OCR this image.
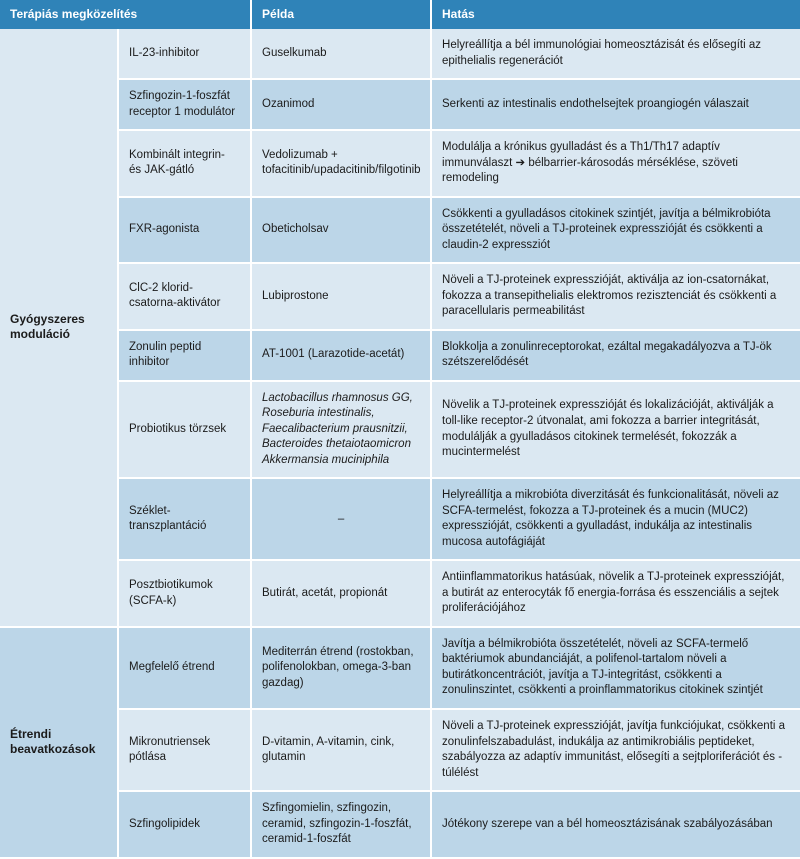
Terápiás megközelítés		Példa	Hatás
Gyógyszeres moduláció	IL-23-inhibitor	Guselkumab	Helyreállítja a bél immunológiai homeosztázisát és elősegíti az epithelialis regenerációt
	Szfingozin-1-foszfát receptor 1 modulátor	Ozanimod	Serkenti az intestinalis endothelsejtek proangiogén válaszait
	Kombinált integrin- és JAK-gátló	Vedolizumab + tofacitinib/upadacitinib/filgotinib	Modulálja a krónikus gyulladást és a Th1/Th17 adaptív immunválaszt ➔ bélbarrier-károsodás mérséklése, szöveti remodeling
	FXR-agonista	Obeticholsav	Csökkenti a gyulladásos citokinek szintjét, javítja a bélmikrobióta összetételét, növeli a TJ-proteinek expresszióját és csökkenti a claudin-2 expressziót
	ClC-2 klorid-csatorna-aktivátor	Lubiprostone	Növeli a TJ-proteinek expresszióját, aktiválja az ion-csatornákat, fokozza a transepithelialis elektromos rezisztenciát és csökkenti a paracellularis permeabilitást
	Zonulin peptid inhibitor	AT-1001 (Larazotide-acetát)	Blokkolja a zonulinreceptorokat, ezáltal megakadályozva a TJ-ök szétszerelődését
	Probiotikus törzsek	Lactobacillus rhamnosus GG, Roseburia intestinalis, Faecalibacterium prausnitzii, Bacteroides thetaiotaomicron Akkermansia muciniphila	Növelik a TJ-proteinek expresszióját és lokalizációját, aktiválják a toll-like receptor-2 útvonalat, ami fokozza a barrier integritását, modulálják a gyulladásos citokinek termelését, fokozzák a mucintermelést
	Széklet-transzplantáció	–	Helyreállítja a mikrobióta diverzitását és funkcionalitását, növeli az SCFA-termelést, fokozza a TJ-proteinek és a mucin (MUC2) expresszióját, csökkenti a gyulladást, indukálja az intestinalis mucosa autofágiáját
	Posztbiotikumok (SCFA-k)	Butirát, acetát, propionát	Antiinflammatorikus hatásúak, növelik a TJ-proteinek expresszióját, a butirát az enterocyták fő energia-forrása és esszenciális a sejtek proliferációjához
Étrendi beavatkozások	Megfelelő étrend	Mediterrán étrend (rostokban, polifenolokban, omega-3-ban gazdag)	Javítja a bélmikrobióta összetételét, növeli az SCFA-termelő baktériumok abundanciáját, a polifenol-tartalom növeli a butirátkoncentrációt, javítja a TJ-integritást, csökkenti a zonulinszintet, csökkenti a proinflammatorikus citokinek szintjét
	Mikronutriensek pótlása	D-vitamin, A-vitamin, cink, glutamin	Növeli a TJ-proteinek expresszióját, javítja funkciójukat, csökkenti a zonulinfelszabadulást, indukálja az antimikrobiális peptideket, szabályozza az adaptív immunitást, elősegíti a sejtploriferációt és -túlélést
	Szfingolipidek	Szfingomielin, szfingozin, ceramid, szfingozin-1-foszfát, ceramid-1-foszfát	Jótékony szerepe van a bél homeosztázisának szabályozásában
